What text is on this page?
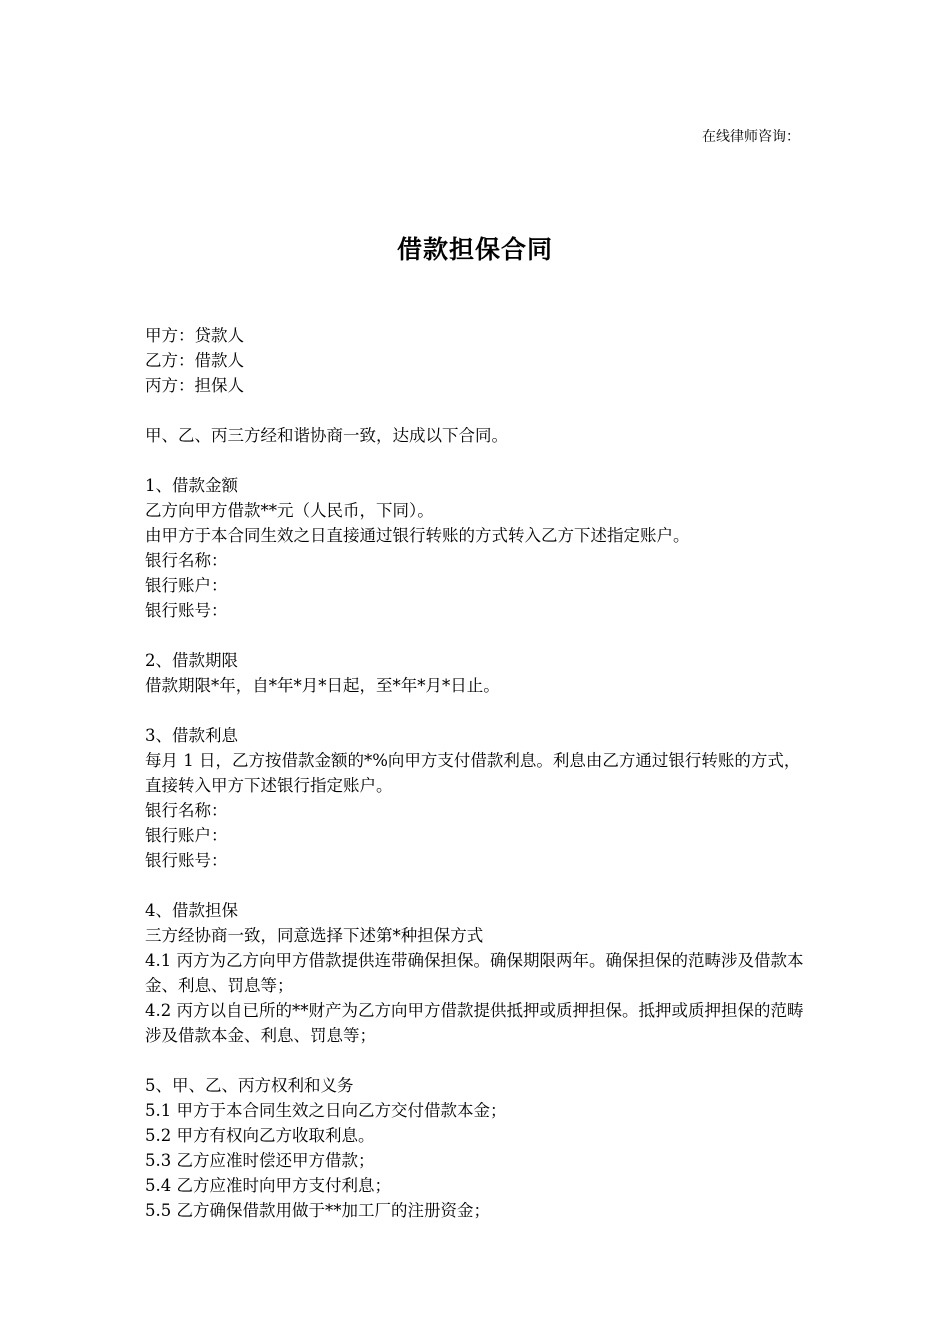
在线律师咨询：
借款担保合同
甲方：贷款人
乙方：借款人
丙方：担保人
甲、乙、丙三方经和谐协商一致，达成以下合同。
1、借款金额
乙方向甲方借款**元（人民币，下同）。
由甲方于本合同生效之日直接通过银行转账的方式转入乙方下述指定账户。
银行名称：
银行账户：
银行账号：
2、借款期限
借款期限*年，自*年*月*日起，至*年*月*日止。
3、借款利息
每月 1 日，乙方按借款金额的*%向甲方支付借款利息。利息由乙方通过银行转账的方式，直接转入甲方下述银行指定账户。
银行名称：
银行账户：
银行账号：
4、借款担保
三方经协商一致，同意选择下述第*种担保方式
4.1 丙方为乙方向甲方借款提供连带确保担保。确保期限两年。确保担保的范畴涉及借款本金、利息、罚息等；
4.2 丙方以自已所的**财产为乙方向甲方借款提供抵押或质押担保。抵押或质押担保的范畴涉及借款本金、利息、罚息等；
5、甲、乙、丙方权利和义务
5.1 甲方于本合同生效之日向乙方交付借款本金；
5.2 甲方有权向乙方收取利息。
5.3 乙方应准时偿还甲方借款；
5.4 乙方应准时向甲方支付利息；
5.5 乙方确保借款用做于**加工厂的注册资金；
